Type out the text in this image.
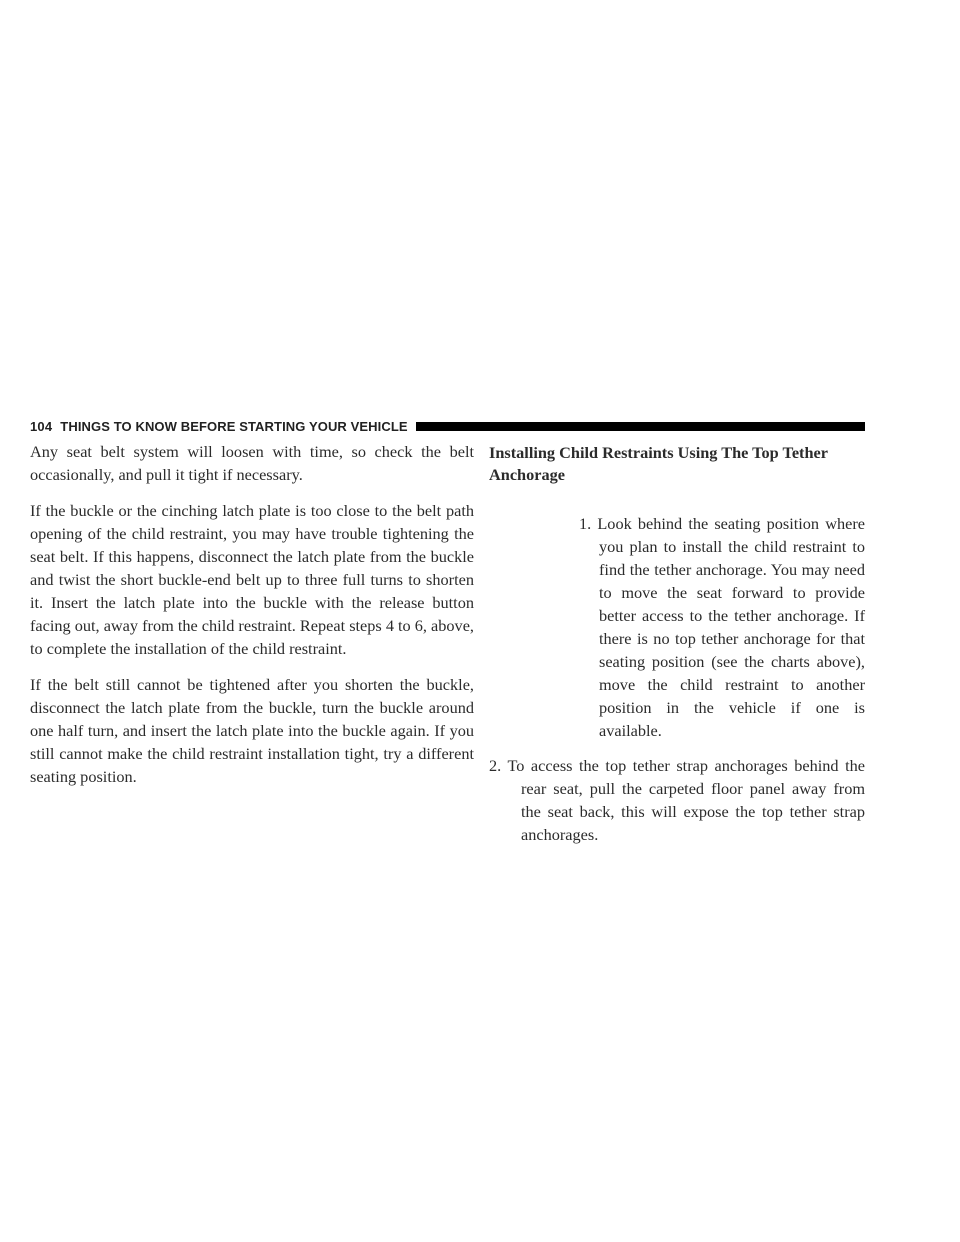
104 THINGS TO KNOW BEFORE STARTING YOUR VEHICLE

Any seat belt system will loosen with time, so check the belt occasionally, and pull it tight if necessary.

If the buckle or the cinching latch plate is too close to the belt path opening of the child restraint, you may have trouble tightening the seat belt. If this happens, disconnect the latch plate from the buckle and twist the short buckle-end belt up to three full turns to shorten it. Insert the latch plate into the buckle with the release button facing out, away from the child restraint. Repeat steps 4 to 6, above, to complete the installation of the child restraint.

If the belt still cannot be tightened after you shorten the buckle, disconnect the latch plate from the buckle, turn the buckle around one half turn, and insert the latch plate into the buckle again. If you still cannot make the child restraint installation tight, try a different seating position.

Installing Child Restraints Using The Top Tether Anchorage
1. Look behind the seating position where you plan to install the child restraint to find the tether anchorage. You may need to move the seat forward to provide better access to the tether anchorage. If there is no top tether anchorage for that seating position (see the charts above), move the child restraint to another position in the vehicle if one is available.
2. To access the top tether strap anchorages behind the rear seat, pull the carpeted floor panel away from the seat back, this will expose the top tether strap anchorages.
